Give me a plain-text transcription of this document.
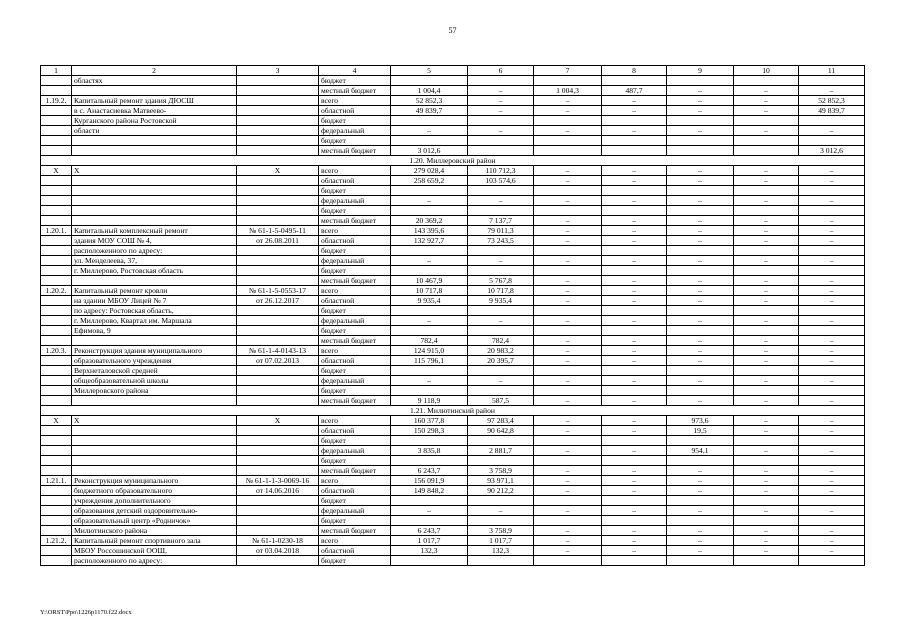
57
1	2	3	4	5	6	7	8	9	10	11
	областях		бюджет							
			местный бюджет	1 004,4	–	1 004,3	487,7	–	–	–
1.19.2.	Капитальный ремонт здания ДЮСШ		всего	52 852,3	–	–	–	–	–	52 852,3
	в с. Анастасиевка Матвеево-		областной	49 839,7	–	–	–	–	–	49 839,7
	Курганского района Ростовской		бюджет							
	области		федеральный	–	–	–	–	–	–	–
			бюджет							
			местный бюджет	3 012,6						3 012,6
1.20. Миллеровский район										
Х	Х	Х	всего	279 028,4	110 712,3	–	–	–	–	–
			областной	258 659,2	103 574,6	–	–	–	–	–
			бюджет							
			федеральный	–	–	–	–	–	–	–
			бюджет							
			местный бюджет	20 369,2	7 137,7	–	–	–	–	–
1.20.1.	Капитальный комплексный ремонт	№ 61-1-5-0495-11	всего	143 395,6	79 011,3	–	–	–	–	–
	здания МОУ СОШ № 4,	от 26.08.2011	областной	132 927,7	73 243,5	–	–	–	–	–
	расположенного по адресу:		бюджет							
	ул. Менделеева, 37,		федеральный	–	–	–	–	–	–	–
	г. Миллерово, Ростовская область		бюджет							
			местный бюджет	10 467,9	5 767,8	–	–	–	–	–
1.20.2.	Капитальный ремонт кровли	№ 61-1-5-0553-17	всего	10 717,8	10 717,8	–	–	–	–	–
	на здании МБОУ Лицей № 7	от 26.12.2017	областной	9 935,4	9 935,4	–	–	–	–	–
	по адресу: Ростовская область,		бюджет							
	г. Миллерово, Квартал им. Маршала		федеральный	–	–	–	–	–	–	–
	Ефимова, 9		бюджет							
			местный бюджет	782,4	782,4	–	–	–	–	–
1.20.3.	Реконструкция здания муниципального	№ 61-1-4-0143-13	всего	124 915,0	20 983,2	–	–	–	–	–
	образовательного учреждения	от 07.02.2013	областной	115 796,1	20 395,7	–	–	–	–	–
	Верхнеталовской средней		бюджет							
	общеобразовательной школы		федеральный	–	–	–	–	–	–	–
	Миллеровского района		бюджет							
			местный бюджет	9 118,9	587,5	–	–	–	–	–
1.21. Милютинский район										
Х	Х	Х	всего	160 377,8	97 283,4	–	–	973,6	–	–
			областной	150 298,3	90 642,8	–	–	19,5	–	–
			бюджет							
			федеральный	3 835,8	2 881,7	–	–	954,1	–	–
			бюджет							
			местный бюджет	6 243,7	3 758,9	–	–	–	–	–
1.21.1.	Реконструкция муниципального	№ 61-1-1-3-0069-16	всего	156 091,9	93 971,1	–	–	–	–	–
	бюджетного образовательного	от 14.06.2016	областной	149 848,2	90 212,2	–	–	–	–	–
	учреждения дополнительного		бюджет							
	образования детский оздоровительно-		федеральный	–	–	–	–	–	–	–
	образовательный центр «Родничок»		бюджет							
	Милютинского района		местный бюджет	6 243,7	3 758,9	–	–	–	–	–
1.21.2.	Капитальный ремонт спортивного зала	№ 61-1-0230-18	всего	1 017,7	1 017,7	–	–	–	–	–
	МБОУ Россошинской ООШ,	от 03.04.2018	областной	132,3	132,3	–	–	–	–	–
	расположенного по адресу:		бюджет							
Y:\ORST\Ppo\1226p1170.f22.docx
